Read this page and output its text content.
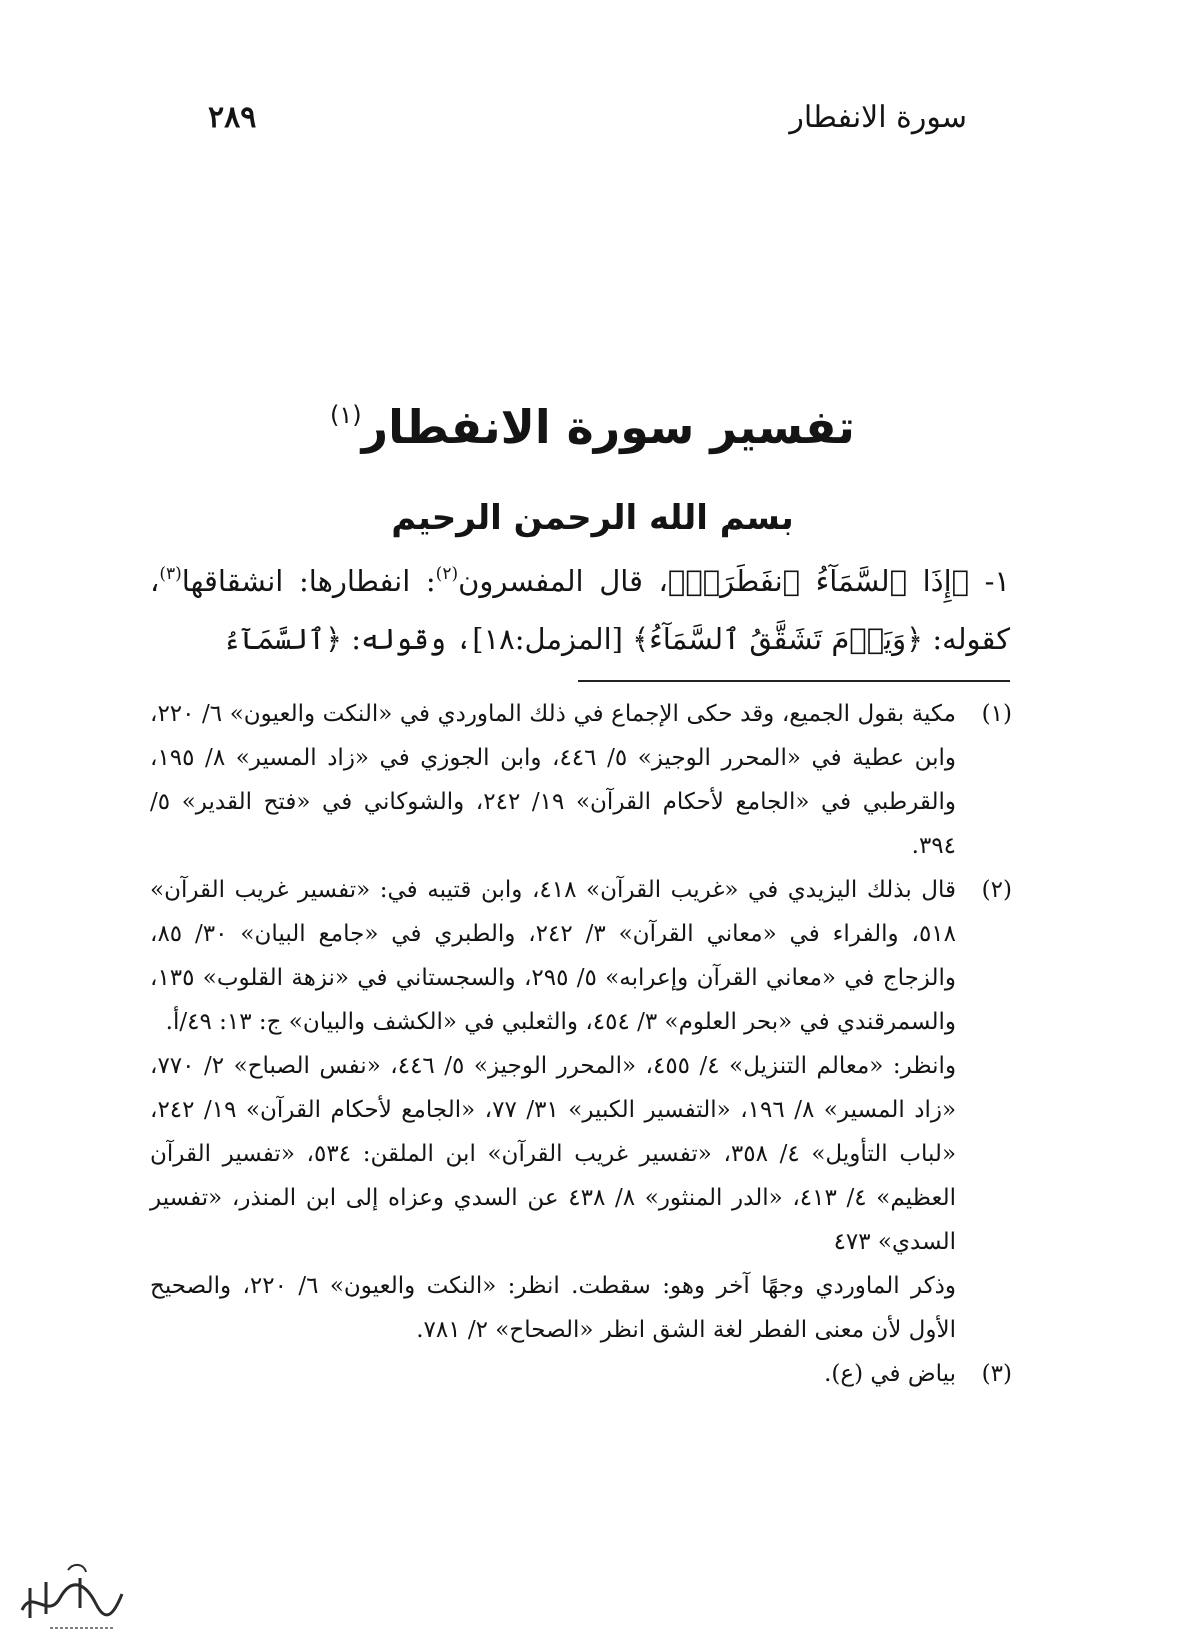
سورة الانفطار
٢٨٩
تفسير سورة الانفطار$^{(١)}$
بسم الله الرحمن الرحيم
١- ﴿إِذَا ٱلسَّمَآءُ ٱنفَطَرَتۡ﴾، قال المفسرون$^{(٢)}$: انفطارها: انشقاقها$^{(٣)}$، كقوله: ﴿وَيَوۡمَ تَشَقَّقُ ٱلسَّمَآءُ﴾ [المزمل:١٨]، وقوله: ﴿ٱلسَّمَآءُ
(١)
مكية بقول الجميع، وقد حكى الإجماع في ذلك الماوردي في «النكت والعيون» ٦/ ٢٢٠، وابن عطية في «المحرر الوجيز» ٥/ ٤٤٦، وابن الجوزي في «زاد المسير» ٨/ ١٩٥، والقرطبي في «الجامع لأحكام القرآن» ١٩/ ٢٤٢، والشوكاني في «فتح القدير» ٥/ ٣٩٤.
(٢)
قال بذلك اليزيدي في «غريب القرآن» ٤١٨، وابن قتيبه في: «تفسير غريب القرآن» ٥١٨، والفراء في «معاني القرآن» ٣/ ٢٤٢، والطبري في «جامع البيان» ٣٠/ ٨٥، والزجاج في «معاني القرآن وإعرابه» ٥/ ٢٩٥، والسجستاني في «نزهة القلوب» ١٣٥، والسمرقندي في «بحر العلوم» ٣/ ٤٥٤، والثعلبي في «الكشف والبيان» ج: ١٣: ٤٩/أ.
وانظر: «معالم التنزيل» ٤/ ٤٥٥، «المحرر الوجيز» ٥/ ٤٤٦، «نفس الصباح» ٢/ ٧٧٠، «زاد المسير» ٨/ ١٩٦، «التفسير الكبير» ٣١/ ٧٧، «الجامع لأحكام القرآن» ١٩/ ٢٤٢، «لباب التأويل» ٤/ ٣٥٨، «تفسير غريب القرآن» ابن الملقن: ٥٣٤، «تفسير القرآن العظيم» ٤/ ٤١٣، «الدر المنثور» ٨/ ٤٣٨ عن السدي وعزاه إلى ابن المنذر، «تفسير السدي» ٤٧٣
وذكر الماوردي وجهًا آخر وهو: سقطت. انظر: «النكت والعيون» ٦/ ٢٢٠، والصحيح الأول لأن معنى الفطر لغة الشق انظر «الصحاح» ٢/ ٧٨١.
(٣)
بياض في (ع).
